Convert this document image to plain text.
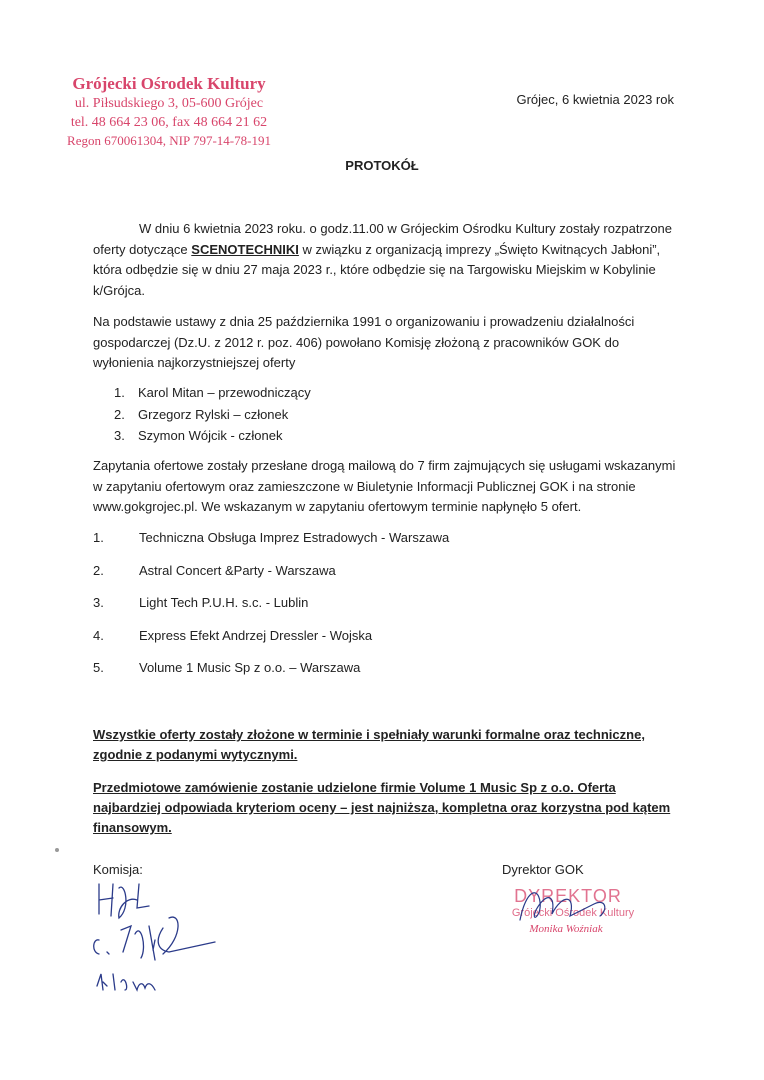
Grójecki Ośrodek Kultury
ul. Piłsudskiego 3, 05-600 Grójec
tel. 48 664 23 06, fax 48 664 21 62
Regon 670061304, NIP 797-14-78-191
Grójec, 6 kwietnia 2023 rok
PROTOKÓŁ
W dniu 6 kwietnia 2023 roku. o godz.11.00 w Grójeckim Ośrodku Kultury zostały rozpatrzone oferty dotyczące SCENOTECHNIKI w związku z organizacją imprezy „Święto Kwitnących Jabłoni”, która odbędzie się w dniu 27 maja 2023 r., które odbędzie się na Targowisku Miejskim w Kobylinie k/Grójca.
Na podstawie ustawy z dnia 25 października 1991 o organizowaniu i prowadzeniu działalności gospodarczej (Dz.U. z 2012 r. poz. 406) powołano Komisję złożoną z pracowników GOK do wyłonienia najkorzystniejszej oferty
1.	Karol Mitan – przewodniczący
2.	Grzegorz Rylski – członek
3.	Szymon Wójcik - członek
Zapytania ofertowe zostały przesłane drogą mailową do 7 firm zajmujących się usługami wskazanymi w zapytaniu ofertowym oraz zamieszczone w Biuletynie Informacji Publicznej GOK i na stronie www.gokgrojec.pl. We wskazanym w zapytaniu ofertowym terminie napłynęło 5 ofert.
1.	Techniczna Obsługa Imprez Estradowych - Warszawa
2.	Astral Concert &Party - Warszawa
3.	Light Tech P.U.H. s.c. - Lublin
4.	Express Efekt Andrzej Dressler - Wojska
5.	Volume 1 Music Sp z o.o. – Warszawa
Wszystkie oferty zostały złożone w terminie i spełniały warunki formalne oraz techniczne, zgodnie z podanymi wytycznymi.
Przedmiotowe zamówienie zostanie udzielone firmie Volume 1 Music Sp z o.o. Oferta najbardziej odpowiada kryteriom oceny – jest najniższa, kompletna oraz korzystna pod kątem finansowym.
Komisja:	Dyrektor GOK
DYREKTOR
Grójecki Ośrodek Kultury
Monika Woźniak
